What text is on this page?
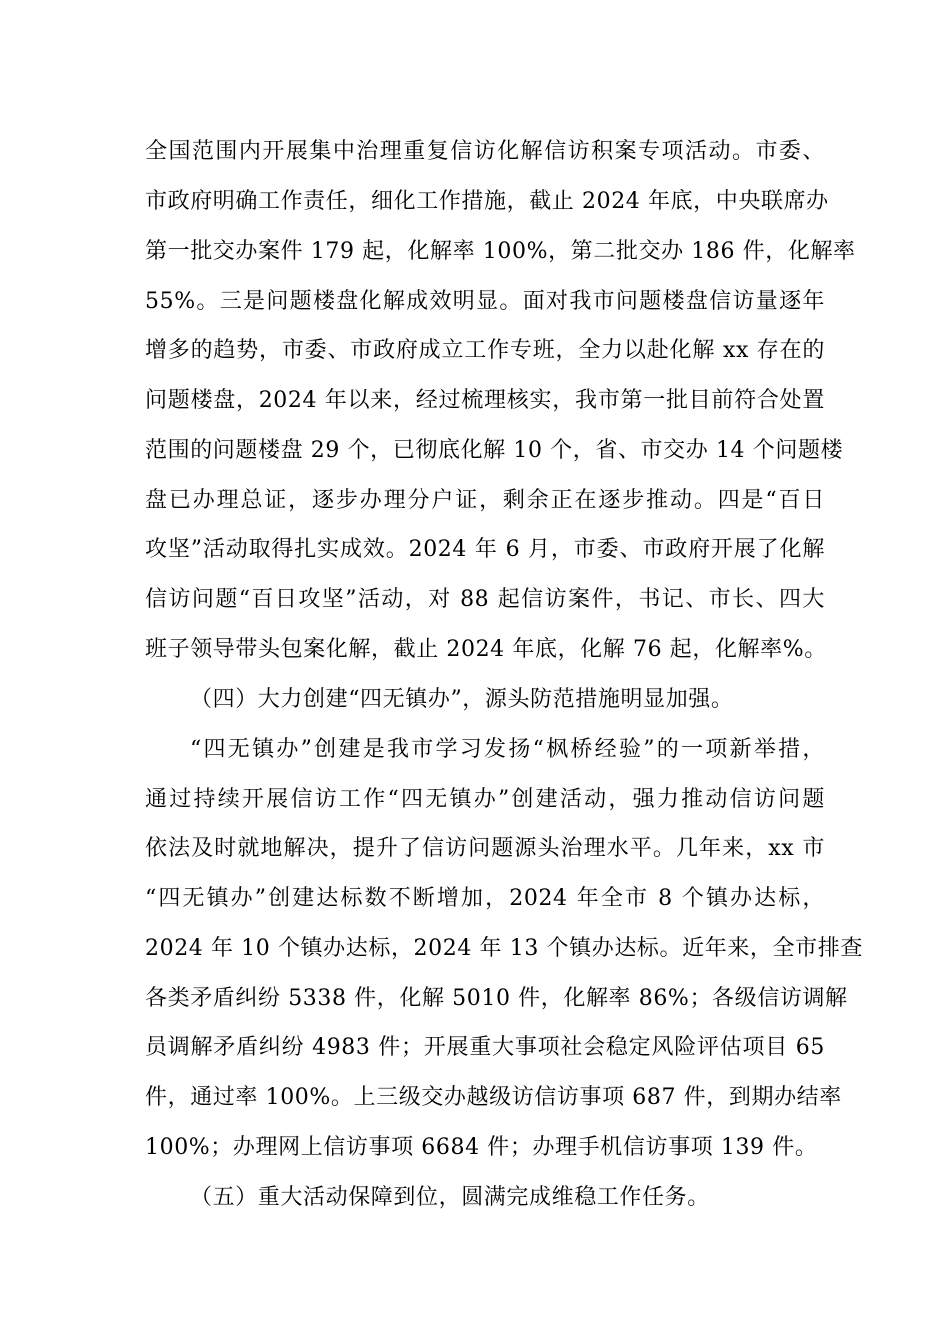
全国范围内开展集中治理重复信访化解信访积案专项活动。市委、
市政府明确工作责任，细化工作措施，截止 2024 年底，中央联席办
第一批交办案件 179 起，化解率 100%，第二批交办 186 件，化解率
55%。三是问题楼盘化解成效明显。面对我市问题楼盘信访量逐年
增多的趋势，市委、市政府成立工作专班，全力以赴化解 xx 存在的
问题楼盘，2024 年以来，经过梳理核实，我市第一批目前符合处置
范围的问题楼盘 29 个，已彻底化解 10 个，省、市交办 14 个问题楼
盘已办理总证，逐步办理分户证，剩余正在逐步推动。四是“百日
攻坚”活动取得扎实成效。2024 年 6 月，市委、市政府开展了化解
信访问题“百日攻坚”活动，对 88 起信访案件，书记、市长、四大
班子领导带头包案化解，截止 2024 年底，化解 76 起，化解率%。
（四）大力创建“四无镇办”，源头防范措施明显加强。
“四无镇办”创建是我市学习发扬“枫桥经验”的一项新举措，
通过持续开展信访工作“四无镇办”创建活动，强力推动信访问题
依法及时就地解决，提升了信访问题源头治理水平。几年来，xx 市
“四无镇办”创建达标数不断增加，2024 年全市 8 个镇办达标，
2024 年 10 个镇办达标，2024 年 13 个镇办达标。近年来，全市排查
各类矛盾纠纷 5338 件，化解 5010 件，化解率 86%；各级信访调解
员调解矛盾纠纷 4983 件；开展重大事项社会稳定风险评估项目 65
件，通过率 100%。上三级交办越级访信访事项 687 件，到期办结率
100%；办理网上信访事项 6684 件；办理手机信访事项 139 件。
（五）重大活动保障到位，圆满完成维稳工作任务。
